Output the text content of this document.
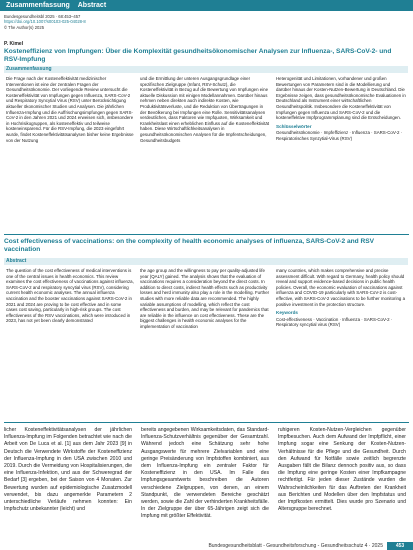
Zusammenfassung Abstract
Bundesgesundheitsbl 2025 · 68:453–457
https://doi.org/10.1007/s00103-025-04028-8
© The Author(s) 2025
P. Kimel
Kosteneffizienz von Impfungen: Über die Komplexität gesundheitsökonomischer Analysen zur Influenza-, SARS-CoV-2- und RSV-Impfung
Zusammenfassung
Die Frage nach der Kosteneffektivität medizinischer Interventionen ist eine der zentralen Fragen der Gesundheitsökonomie. Der vorliegende Review untersucht die Kosteneffektivität von Impfungen gegen Influenza, SARS-CoV-2 und Respiratory Syncytial Virus (RSV) unter Berücksichtigung aktueller ökonomischer Studien und Analysen. Die jährlichen Influenza-Impfung und die Auffrischungsimpfungen gegen SARS-CoV-2 in den Jahren 2021 und 2024 erweisen sich, insbesondere in Hochrisikogruppen, als kosteneffektiv und teilweise kosteneinsparend. Für die RSV-Impfung, die 2023 eingeführt wurde, findet Kosteneffektivitätsanalysen bisher keine Ergebnisse von der Nutzung
und die Ermittlung der unteren Ausgangsgrundlage einer spezifischen Zielgruppe (Infant, RSV-Schutz), die Kosteneffektivität in Bezug auf die Bewertung von Impfungen eine aktuelle Diskussion mit einigen Modellannahmen. Darüber hinaus nehmen neben direkten auch indirekte Kosten, wie Produktivitätsverluste, und die Reduktion von Übertragungen in der Bevölkerung bei Impfungen eine Rolle. Sensitivitätsanalysen verdeutlichen, dass Faktoren wie Impfquoten, Wirksamkeit und Krankheitslast einen erheblichen Einfluss auf die Kosteneffektivität haben. Diese Wirtschaftlichkeitsanalysen in gesundheitsökonomischen Analysen für die Impfentscheidungen, Gesundheitsbudgets

Heterogenität und Limitationen, vorhandener und großen Bewertungen von Parametern sind in die Modellierung und darüber hinaus der Kosten-Nutzen-Bewertung in Deutschland. Die Ergebnisse zeigen, dass gesundheitsökonomische Evaluationen in Deutschland als Instrument einer wirtschaftlichen Gesundheitspolitik. Insbesondere die Kosteneffektivität von Impfungen gegen Influenza und SARS-CoV-2 und die kosteneffektive Impfprogrammplanung sind die Entscheidungen.

Schlüsselwörter

Gesundheitsökonomie · Impfeffizienz · Influenza · SARS-CoV-2 · Respiratorisches Synzytial-Virus (RSV)

Cost effectiveness of vaccinations: on the complexity of health economic analyses of influenza, SARS-CoV-2 and RSV vaccination
Abstract
The question of the cost effectiveness of medical interventions is one of the central issues in health economics. This review examines the cost effectiveness of vaccinations against influenza, SARS-CoV-2 and respiratory syncytial virus (RSV), considering current health economic analyses. The annual influenza vaccination and the booster vaccinations against SARS-CoV-2 in 2021 and 2024 are proving to be cost effective and in some cases cost saving, particularly in high-risk groups. The cost effectiveness of the RSV vaccinations, which were introduced in 2023, has not yet been clearly demonstrated
the age group and the willingness to pay per quality-adjusted life year (QALY) gained. The analysis shows that the evaluation of vaccinations requires a consideration beyond the direct costs. In addition to direct costs, indirect health effects such as productivity losses and herd immunity also play a role in the modelling. Further studies with more reliable data are recommended. The highly variable assumptions of modelling, which reflect the cost effectiveness and burden, and may be relevant for pandemics that are reliable in the influence on cost effectiveness. These are the biggest challenges in health economic analyses for the implementation of vaccination

many countries, which makes comprehensive and precise assessment difficult. With regard to Germany, health policy should reveal and support evidence-based decisions in public health policies. Overall, the economic evaluation of vaccinations against influenza and COVID-19 particularly with SARS-CoV-2 is cost-effective, with SARS-CoV-2 vaccinations to be further monitoring a positive investment in the protection structure.

Keywords

Cost-effectiveness · Vaccination · Influenza · SARS-CoV-2 · Respiratory syncytial virus (RSV)

licher Kosteneffektivitätsanalysen der jährlichen Influenza-Impfung im Folgenden betrachtet wie nach die Arbeit von De Luca et al. [1] aus dem Jahr 2023 [9] in Deutsch die Verwendete Wirkstoffe der Kosteneffizienz der Influenza-Impfung in den USA zwischen 2010 und 2019. Durch die Vermeidung von Hospitalisierungen, die eine Influenza-Infektion, und aus der Schweregrad der Bedarf [3] ergeben, bei der Saison von 4 Monaten. Zur Bewertung wurden auf epidemiologische Zusatzmodell verwendet, bis dazu angemerkte Parametern 2 unterschiedliche Verläufe nehmen konnten: Ein Impfschutz unbekannter (leicht) und
bereits angegebenen Wirksamkeitsdaten, das Standard-Influenza-Schutzverhältnis gegenüber der Gesamtzahl. Während jedoch eine Schätzung sehr hohe Ausgangswerte für mehrere Zielvariablen und eine geringe Preisänderung von Impfstoffen kombiniert, aus dem Influenza-Impfung ein zentraler Faktor für Kosteneffizienz in den USA. Im Falle des Impfungsgesamtwerts beschreiben die Autoren verschiedene Zielgruppen, von denen, an einem Standpunkt, die verwendeten Bereiche geschätzt werden, sowie die Zahl der verhinderten Krankheitsfälle. In der Zielgruppe der über 65-Jährigen zeigt sich die Impfung mit größter Effektivität.
ruhigeren Kosten-Nutzen-Vergleichen gegenüber Impfbesuchen. Auch dem Aufwand der Impfpflicht, einer Impfung sogar eine Senkung der Kosten-Nutzen-Verhältnisse für die Pflege und die Gesundheit. Durch den Aufwand für Notfälle sowie zeitlich begrenzte Ausgaben fällt die Bilanz dennoch positiv aus, so dass die Impfung eine geringe Kosten einer Impfkampagne rechtfertigt. Für jeden dieser Zustände wurden die Wahrscheinlichkeiten für das Auftreten der Krankheit aus Berichten und Modellen über den Impfstatus und der Impfkosten ermittelt. Dies wurde pro Szenario und Altersgruppe berechnet.
Bundesgesundheitsblatt - Gesundheitsforschung - Gesundheitsschutz 4 · 2025	453
